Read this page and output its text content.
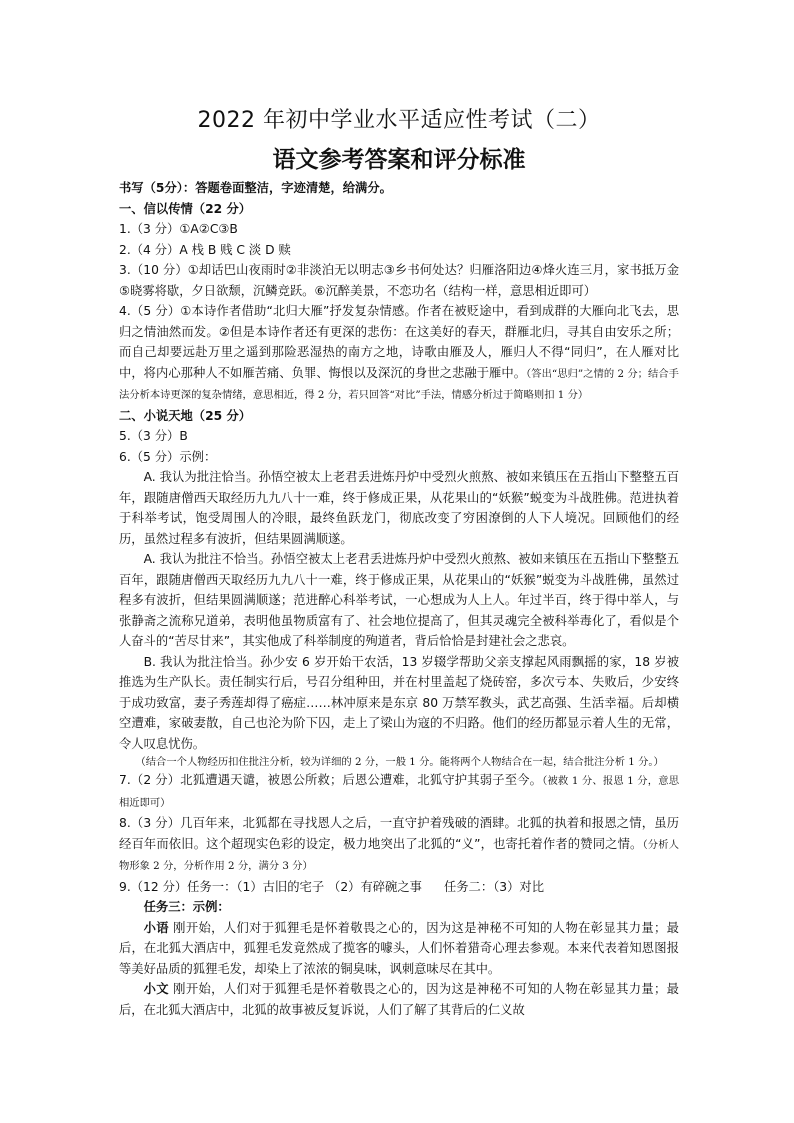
2022 年初中学业水平适应性考试（二）
语文参考答案和评分标准

书写（5分）：答题卷面整洁，字迹清楚，给满分。

一、信以传情（22 分）

1.（3 分）①A②C③B

2.（4 分）A 栈 B 贱 C 淡 D 赎

3.（10 分）①却话巴山夜雨时②非淡泊无以明志③乡书何处达？归雁洛阳边④烽火连三月，家书抵万金⑤晓雾将歇，夕日欲颓，沉鳞竞跃。⑥沉醉美景，不恋功名（结构一样，意思相近即可）

4.（5 分）①本诗作者借助“北归大雁”抒发复杂情感。作者在被贬途中，看到成群的大雁向北飞去，思归之情油然而发。②但是本诗作者还有更深的悲伤：在这美好的春天，群雁北归，寻其自由安乐之所；而自己却要远赴万里之遥到那险恶湿热的南方之地，诗歌由雁及人，雁归人不得“同归”，在人雁对比中，将内心那种人不如雁苦痛、负罪、悔恨以及深沉的身世之悲融于雁中。（答出“思归”之情的 2 分；结合手法分析本诗更深的复杂情绪，意思相近，得 2 分，若只回答“对比”手法，情感分析过于简略则扣 1 分）

二、小说天地（25 分）

5.（3 分）B

6.（5 分）示例：

A. 我认为批注恰当。孙悟空被太上老君丢进炼丹炉中受烈火煎熬、被如来镇压在五指山下整整五百年，跟随唐僧西天取经历九九八十一难，终于修成正果，从花果山的“妖猴”蜕变为斗战胜佛。范进执着于科举考试，饱受周围人的冷眼，最终鱼跃龙门，彻底改变了穷困潦倒的人下人境况。回顾他们的经历，虽然过程多有波折，但结果圆满顺遂。

A. 我认为批注不恰当。孙悟空被太上老君丢进炼丹炉中受烈火煎熬、被如来镇压在五指山下整整五百年，跟随唐僧西天取经历九九八十一难，终于修成正果，从花果山的“妖猴”蜕变为斗战胜佛，虽然过程多有波折，但结果圆满顺遂；范进醉心科举考试，一心想成为人上人。年过半百，终于得中举人，与张静斋之流称兄道弟，表明他虽物质富有了、社会地位提高了，但其灵魂完全被科举毒化了，看似是个人奋斗的“苦尽甘来”，其实他成了科举制度的殉道者，背后恰恰是封建社会之悲哀。

B. 我认为批注恰当。孙少安 6 岁开始干农活，13 岁辍学帮助父亲支撑起风雨飘摇的家，18 岁被推选为生产队长。责任制实行后，号召分组种田，并在村里盖起了烧砖窑，多次亏本、失败后，少安终于成功致富，妻子秀莲却得了癌症……林冲原来是东京 80 万禁军教头，武艺高强、生活幸福。后却横空遭难，家破妻散，自己也沦为阶下囚，走上了梁山为寇的不归路。他们的经历都显示着人生的无常，令人叹息忧伤。

（结合一个人物经历扣住批注分析，较为详细的 2 分，一般 1 分。能将两个人物结合在一起，结合批注分析 1 分。）

7.（2 分）北狐遭遇天谴，被恩公所救；后恩公遭难，北狐守护其弱子至今。（被救 1 分、报恩 1 分，意思相近即可）

8.（3 分）几百年来，北狐都在寻找恩人之后，一直守护着残破的酒肆。北狐的执着和报恩之情，虽历经百年而依旧。这个超现实色彩的设定，极力地突出了北狐的“义”，也寄托着作者的赞同之情。（分析人物形象 2 分，分析作用 2 分，满分 3 分）

9.（12 分）任务一：（1）古旧的宅子 （2）有碎碗之事 任务二：（3）对比

任务三：示例：

小语 刚开始，人们对于狐狸毛是怀着敬畏之心的，因为这是神秘不可知的人物在彰显其力量；最后，在北狐大酒店中，狐狸毛发竟然成了揽客的噱头，人们怀着猎奇心理去参观。本来代表着知恩图报等美好品质的狐狸毛发，却染上了浓浓的铜臭味，讽刺意味尽在其中。

小文 刚开始，人们对于狐狸毛是怀着敬畏之心的，因为这是神秘不可知的人物在彰显其力量；最后，在北狐大酒店中，北狐的故事被反复诉说，人们了解了其背后的仁义故
